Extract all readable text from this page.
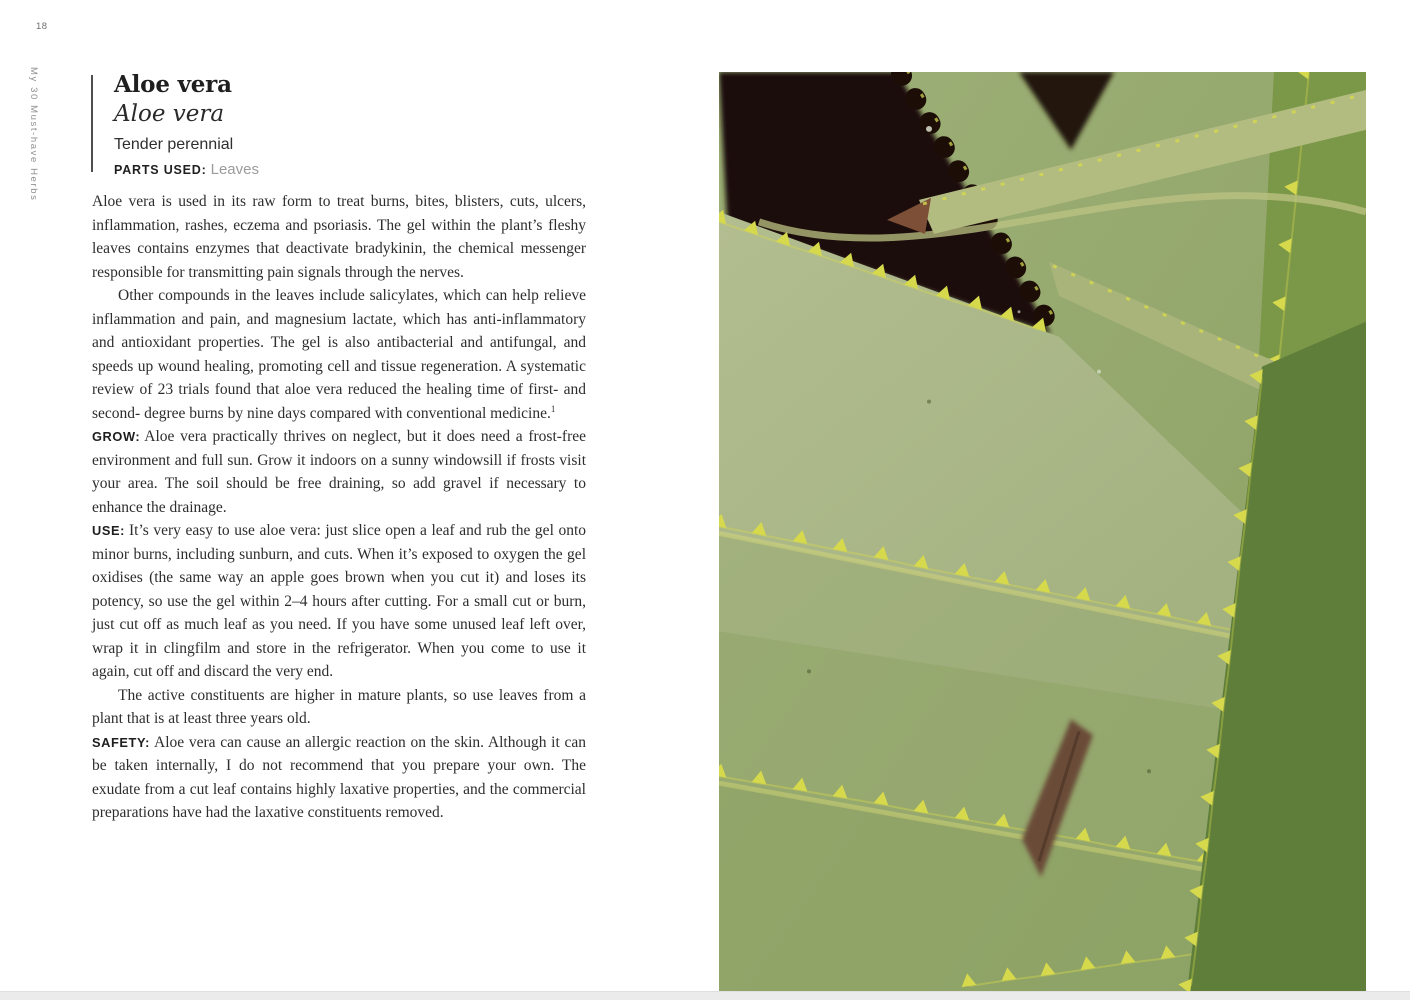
18
My 30 Must-have Herbs	Aloe vera
Aloe vera
Tender perennial
PARTS USED: Leaves

Aloe vera is used in its raw form to treat burns, bites, blisters, cuts, ulcers, inflammation, rashes, eczema and psoriasis. The gel within the plant’s fleshy leaves contains enzymes that deactivate bradykinin, the chemical messenger responsible for transmitting pain signals through the nerves.

Other compounds in the leaves include salicylates, which can help relieve inflammation and pain, and magnesium lactate, which has anti-inflammatory and antioxidant properties. The gel is also antibacterial and antifungal, and speeds up wound healing, promoting cell and tissue regeneration. A systematic review of 23 trials found that aloe vera reduced the healing time of first- and second- degree burns by nine days compared with conventional medicine.$^1$

GROW: Aloe vera practically thrives on neglect, but it does need a frost-free environment and full sun. Grow it indoors on a sunny windowsill if frosts visit your area. The soil should be free draining, so add gravel if necessary to enhance the drainage.

USE: It’s very easy to use aloe vera: just slice open a leaf and rub the gel onto minor burns, including sunburn, and cuts. When it’s exposed to oxygen the gel oxidises (the same way an apple goes brown when you cut it) and loses its potency, so use the gel within 2–4 hours after cutting. For a small cut or burn, just cut off as much leaf as you need. If you have some unused leaf left over, wrap it in clingfilm and store in the refrigerator. When you come to use it again, cut off and discard the very end.

The active constituents are higher in mature plants, so use leaves from a plant that is at least three years old.

SAFETY: Aloe vera can cause an allergic reaction on the skin. Although it can be taken internally, I do not recommend that you prepare your own. The exudate from a cut leaf contains highly laxative properties, and the commercial preparations have had the laxative constituents removed.
